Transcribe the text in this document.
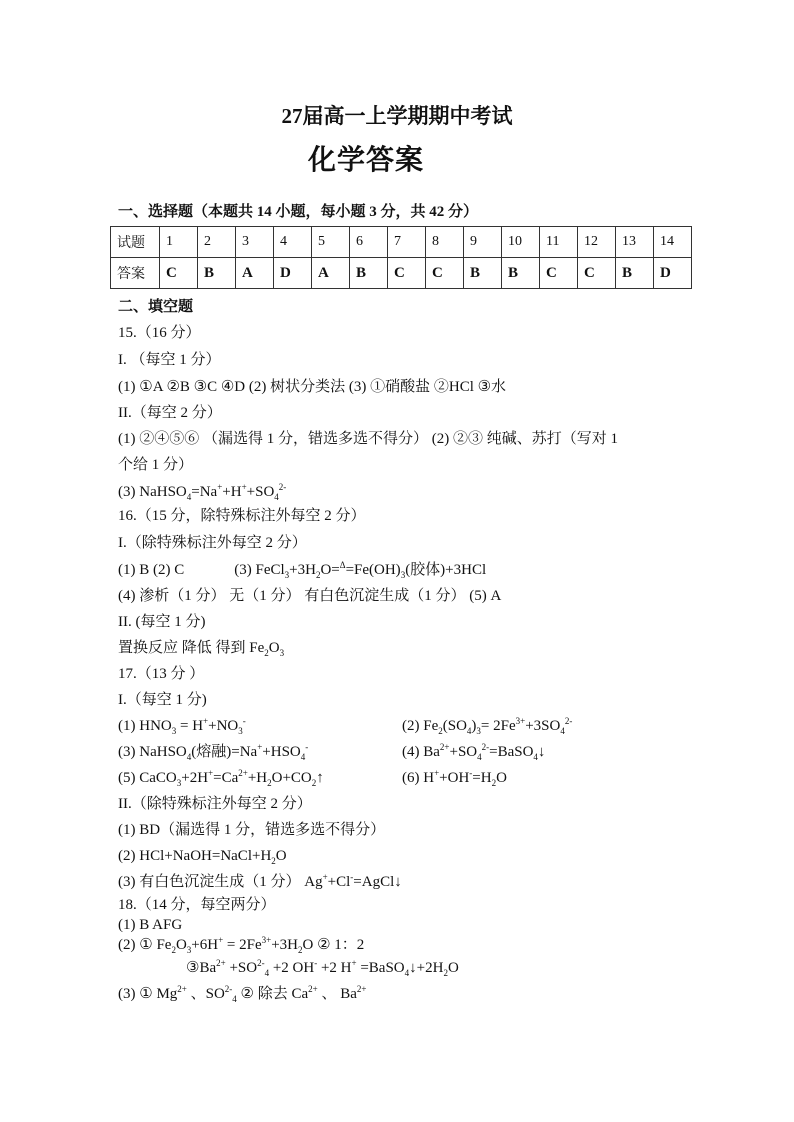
27届高一上学期期中考试
化学答案
一、选择题（本题共 14 小题，每小题 3 分，共 42 分）
试题	1	2	3	4	5	6	7	8	9	10	11	12	13	14
答案	C	B	A	D	A	B	C	C	B	B	C	C	B	D
二、填空题
15.（16 分）
I. （每空 1 分）
(1) ①A ②B ③C ④D (2) 树状分类法 (3) ①硝酸盐 ②HCl ③水
II.（每空 2 分）
(1) ②④⑤⑥ （漏选得 1 分，错选多选不得分） (2) ②③ 纯碱、苏打（写对 1
个给 1 分）
(3) $NaHSO_4=Na^++H^++SO_4^{2-}$
16.（15 分，除特殊标注外每空 2 分）
I.（除特殊标注外每空 2 分）
(1) B (2) C	(3) $FeCl_3+3H_2O=^\Delta=Fe(OH)_3$(胶体)+3HCl
(4) 渗析（1 分） 无（1 分） 有白色沉淀生成（1 分） (5) A
II. (每空 1 分)
置换反应 降低 得到 $Fe_2O_3$
17.（13 分 ）
I.（每空 1 分)
(1) $HNO_3 = H^++NO_3^-$	(2) $Fe_2(SO_4)_3= 2Fe^{3+}+3SO_4^{2-}$
(3) NaHSO$_4$(熔融)$=Na^++HSO_4^-$	(4) $Ba^{2+}+SO_4^{2-}=BaSO_4↓$
(5) $CaCO_3+2H^+=Ca^{2+}+H_2O+CO_2↑$	(6) $H^++OH^-=H_2O$
II.（除特殊标注外每空 2 分）
(1) BD（漏选得 1 分，错选多选不得分）
(2) $HCl+NaOH=NaCl+H_2O$
(3) 有白色沉淀生成（1 分） Ag++Cl-=AgCl↓
18.（14 分，每空两分）
(1) B AFG
(2) ① $Fe_2O_3+6H^+ = 2Fe^{3+}+3H_2O$ ② 1：2
$③Ba^{2+} +SO^{2-}_4 +2$ OH- +2 $H^+ =BaSO_4↓+2H_2O$
(3) ① $Mg^{2+}$ 、$SO^{2-}_4$ ② 除去 $Ca^{2+}$ 、 $Ba^{2+}$
